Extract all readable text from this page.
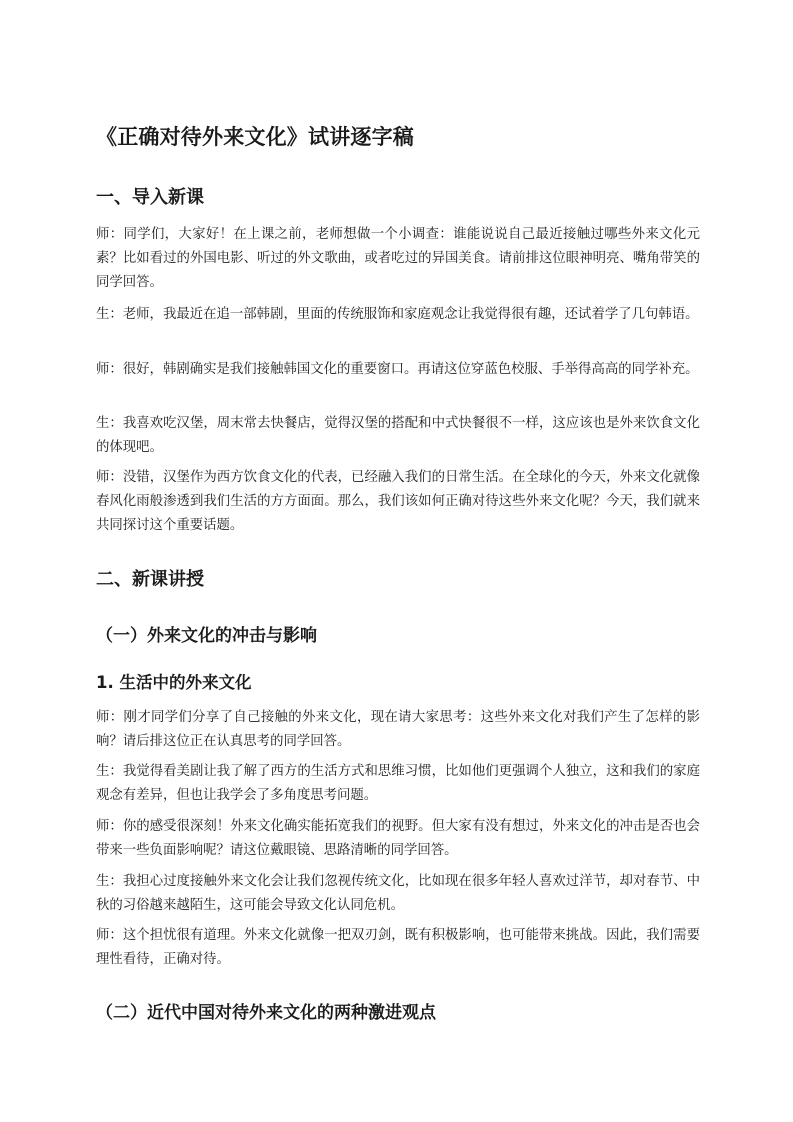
《正确对待外来文化》试讲逐字稿
一、导入新课

师：同学们，大家好！在上课之前，老师想做一个小调查：谁能说说自己最近接触过哪些外来文化元素？比如看过的外国电影、听过的外文歌曲，或者吃过的异国美食。请前排这位眼神明亮、嘴角带笑的同学回答。

生：老师，我最近在追一部韩剧，里面的传统服饰和家庭观念让我觉得很有趣，还试着学了几句韩语。

师：很好，韩剧确实是我们接触韩国文化的重要窗口。再请这位穿蓝色校服、手举得高高的同学补充。

生：我喜欢吃汉堡，周末常去快餐店，觉得汉堡的搭配和中式快餐很不一样，这应该也是外来饮食文化的体现吧。

师：没错，汉堡作为西方饮食文化的代表，已经融入我们的日常生活。在全球化的今天，外来文化就像春风化雨般渗透到我们生活的方方面面。那么，我们该如何正确对待这些外来文化呢？今天，我们就来共同探讨这个重要话题。

二、新课讲授
（一）外来文化的冲击与影响
1. 生活中的外来文化

师：刚才同学们分享了自己接触的外来文化，现在请大家思考：这些外来文化对我们产生了怎样的影响？请后排这位正在认真思考的同学回答。

生：我觉得看美剧让我了解了西方的生活方式和思维习惯，比如他们更强调个人独立，这和我们的家庭观念有差异，但也让我学会了多角度思考问题。

师：你的感受很深刻！外来文化确实能拓宽我们的视野。但大家有没有想过，外来文化的冲击是否也会带来一些负面影响呢？请这位戴眼镜、思路清晰的同学回答。

生：我担心过度接触外来文化会让我们忽视传统文化，比如现在很多年轻人喜欢过洋节，却对春节、中秋的习俗越来越陌生，这可能会导致文化认同危机。

师：这个担忧很有道理。外来文化就像一把双刃剑，既有积极影响，也可能带来挑战。因此，我们需要理性看待，正确对待。

（二）近代中国对待外来文化的两种激进观点
